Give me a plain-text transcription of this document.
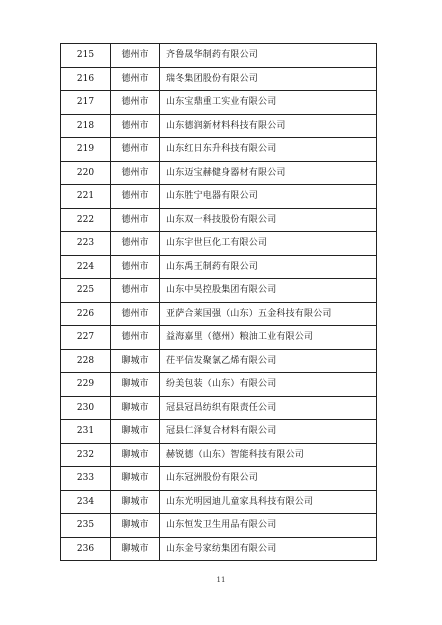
215	德州市	齐鲁晟华制药有限公司
216	德州市	瑞冬集团股份有限公司
217	德州市	山东宝鼎重工实业有限公司
218	德州市	山东德润新材料科技有限公司
219	德州市	山东红日东升科技有限公司
220	德州市	山东迈宝赫健身器材有限公司
221	德州市	山东胜宁电器有限公司
222	德州市	山东双一科技股份有限公司
223	德州市	山东宇世巨化工有限公司
224	德州市	山东禹王制药有限公司
225	德州市	山东中昊控股集团有限公司
226	德州市	亚萨合莱国强（山东）五金科技有限公司
227	德州市	益海嘉里（德州）粮油工业有限公司
228	聊城市	茌平信发聚氯乙烯有限公司
229	聊城市	纷美包装（山东）有限公司
230	聊城市	冠县冠昌纺织有限责任公司
231	聊城市	冠县仁泽复合材料有限公司
232	聊城市	赫锐德（山东）智能科技有限公司
233	聊城市	山东冠洲股份有限公司
234	聊城市	山东光明园迪儿童家具科技有限公司
235	聊城市	山东恒发卫生用品有限公司
236	聊城市	山东金号家纺集团有限公司
11
